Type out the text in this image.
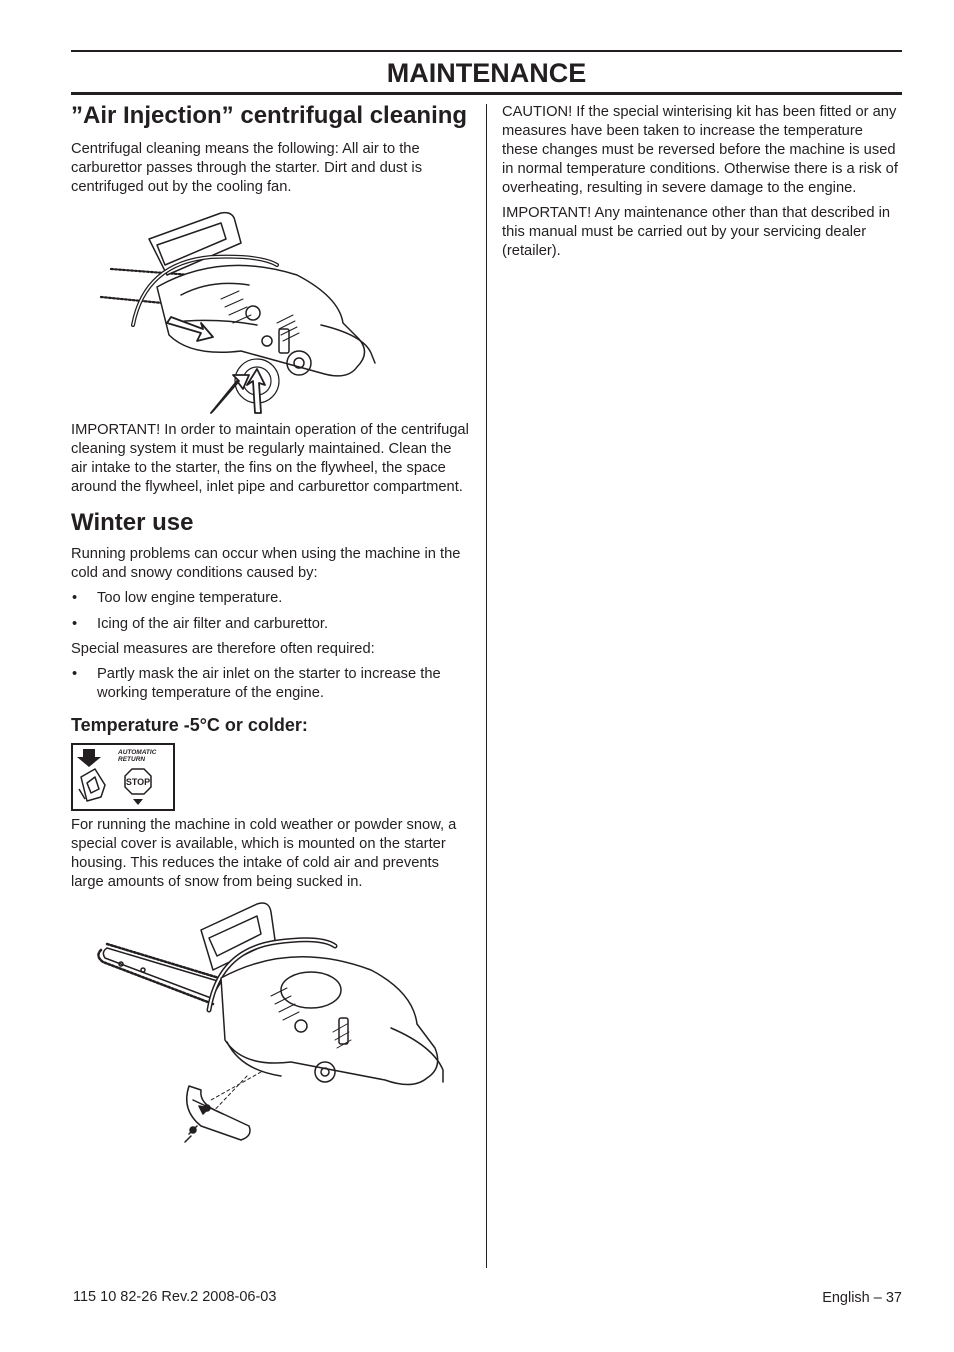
MAINTENANCE
”Air Injection” centrifugal cleaning

Centrifugal cleaning means the following: All air to the carburettor passes through the starter. Dirt and dust is centrifuged out by the cooling fan.

IMPORTANT! In order to maintain operation of the centrifugal cleaning system it must be regularly maintained. Clean the air intake to the starter, the fins on the flywheel, the space around the flywheel, inlet pipe and carburettor compartment.

Winter use

Running problems can occur when using the machine in the cold and snowy conditions caused by:

• Too low engine temperature.
• Icing of the air filter and carburettor.

Special measures are therefore often required:

• Partly mask the air inlet on the starter to increase the working temperature of the engine.
Temperature -5°C or colder:
AUTOMATIC
RETURN
STOP

For running the machine in cold weather or powder snow, a special cover is available, which is mounted on the starter housing. This reduces the intake of cold air and prevents large amounts of snow from being sucked in.

CAUTION! If the special winterising kit has been fitted or any measures have been taken to increase the temperature these changes must be reversed before the machine is used in normal temperature conditions. Otherwise there is a risk of overheating, resulting in severe damage to the engine.

IMPORTANT! Any maintenance other than that described in this manual must be carried out by your servicing dealer (retailer).

115 10 82-26 Rev.2 2008-06-03	English – 37
